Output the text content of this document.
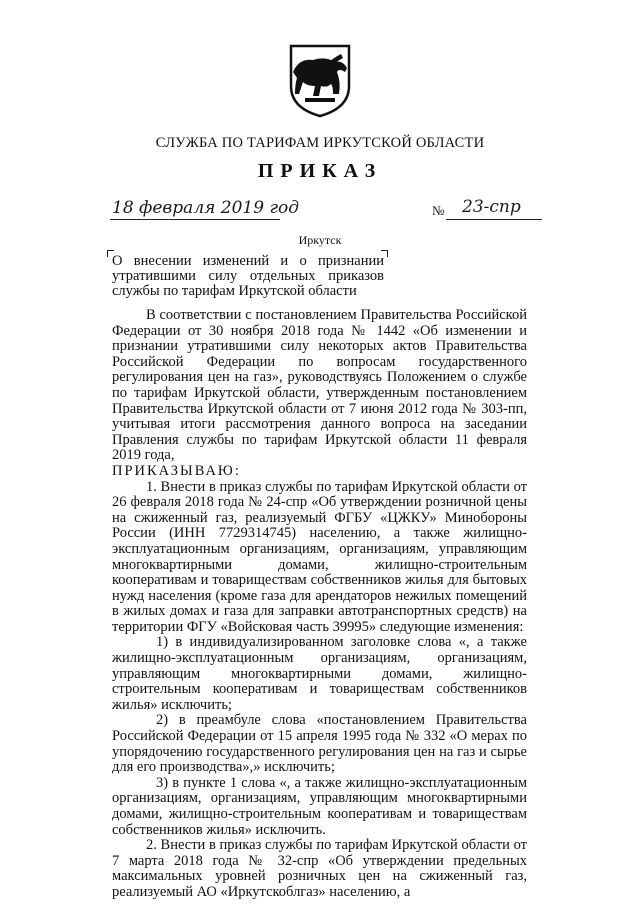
СЛУЖБА ПО ТАРИФАМ ИРКУТСКОЙ ОБЛАСТИ
ПРИКАЗ
18 февраля 2019 год	№ 23-спр
Иркутск
О внесении изменений и о признании
утратившими силу отдельных приказов
службы по тарифам Иркутской области

В соответствии с постановлением Правительства Российской Федерации от 30 ноября 2018 года № 1442 «Об изменении и признании утратившими силу некоторых актов Правительства Российской Федерации по вопросам государственного регулирования цен на газ», руководствуясь Положением о службе по тарифам Иркутской области, утвержденным постановлением Правительства Иркутской области от 7 июня 2012 года № 303-пп, учитывая итоги рассмотрения данного вопроса на заседании Правления службы по тарифам Иркутской области 11 февраля 2019 года,

ПРИКАЗЫВАЮ:

1. Внести в приказ службы по тарифам Иркутской области от 26 февраля 2018 года № 24-спр «Об утверждении розничной цены на сжиженный газ, реализуемый ФГБУ «ЦЖКУ» Минобороны России (ИНН 7729314745) населению, а также жилищно-эксплуатационным организациям, организациям, управляющим многоквартирными домами, жилищно-строительным кооперативам и товариществам собственников жилья для бытовых нужд населения (кроме газа для арендаторов нежилых помещений в жилых домах и газа для заправки автотранспортных средств) на территории ФГУ «Войсковая часть 39995» следующие изменения:

1) в индивидуализированном заголовке слова «, а также жилищно-эксплуатационным организациям, организациям, управляющим многоквартирными домами, жилищно-строительным кооперативам и товариществам собственников жилья» исключить;

2) в преамбуле слова «постановлением Правительства Российской Федерации от 15 апреля 1995 года № 332 «О мерах по упорядочению государственного регулирования цен на газ и сырье для его производства»,» исключить;

3) в пункте 1 слова «, а также жилищно-эксплуатационным организациям, организациям, управляющим многоквартирными домами, жилищно-строительным кооперативам и товариществам собственников жилья» исключить.

2. Внести в приказ службы по тарифам Иркутской области от 7 марта 2018 года № 32-спр «Об утверждении предельных максимальных уровней розничных цен на сжиженный газ, реализуемый АО «Иркутскоблгаз» населению, а
